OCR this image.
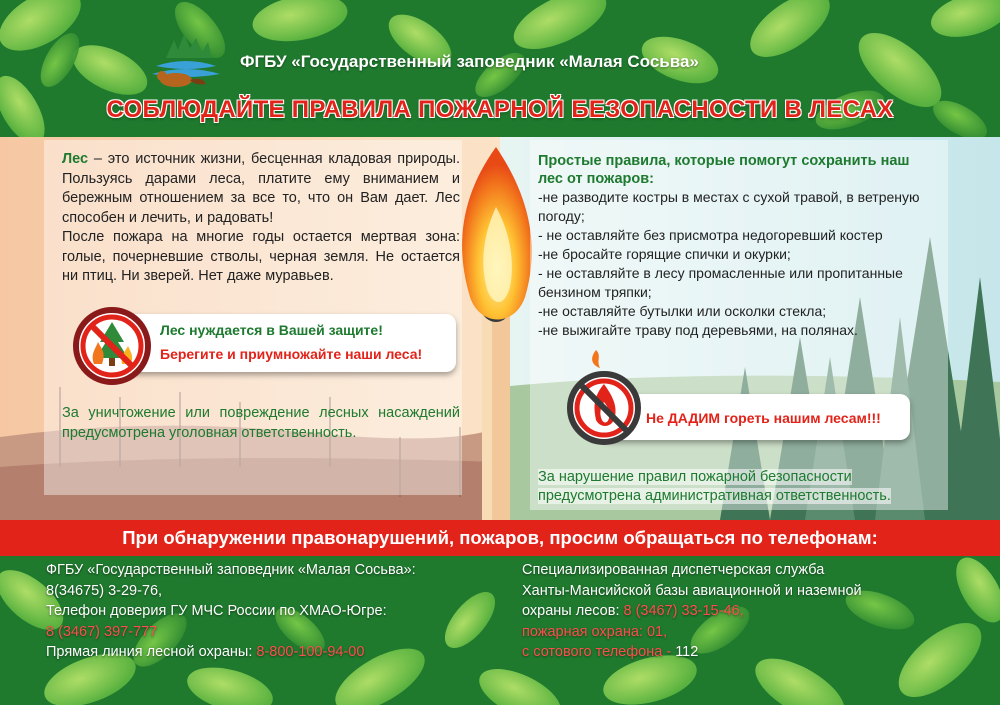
ФГБУ «Государственный заповедник «Малая Сосьва»
СОБЛЮДАЙТЕ ПРАВИЛА ПОЖАРНОЙ БЕЗОПАСНОСТИ В ЛЕСАХ

Лес – это источник жизни, бесценная кладовая природы. Пользуясь дарами леса, платите ему вниманием и бережным отношением за все то, что он Вам дает. Лес способен и лечить, и радовать!

После пожара на многие годы остается мертвая зона: голые, почерневшие стволы, черная земля. Не остается ни птиц. Ни зверей. Нет даже муравьев.

Лес нуждается в Вашей защите!
Берегите и приумножайте наши леса!
За уничтожение или повреждение лесных насаждений предусмотрена уголовная ответственность.
Простые правила, которые помогут сохранить наш лес от пожаров:
-не разводите костры в местах с сухой травой, в ветреную погоду;
- не оставляйте без присмотра недогоревший костер
-не бросайте горящие спички и окурки;
- не оставляйте в лесу промасленные или пропитанные бензином тряпки;
-не оставляйте бутылки или осколки стекла;
-не выжигайте траву под деревьями, на полянах.
Не ДАДИМ гореть нашим лесам!!!
За нарушение правил пожарной безопасности
предусмотрена административная ответственность.
При обнаружении правонарушений, пожаров, просим обращаться по телефонам:
ФГБУ «Государственный заповедник «Малая Сосьва»:
8(34675) 3-29-76,
Телефон доверия ГУ МЧС России по ХМАО-Югре:
8 (3467) 397-777
Прямая линия лесной охраны: 8-800-100-94-00
Специализированная диспетчерская служба
Ханты-Мансийской базы авиационной и наземной
охраны лесов: 8 (3467) 33-15-46,
пожарная охрана: 01,
с сотового телефона - 112
